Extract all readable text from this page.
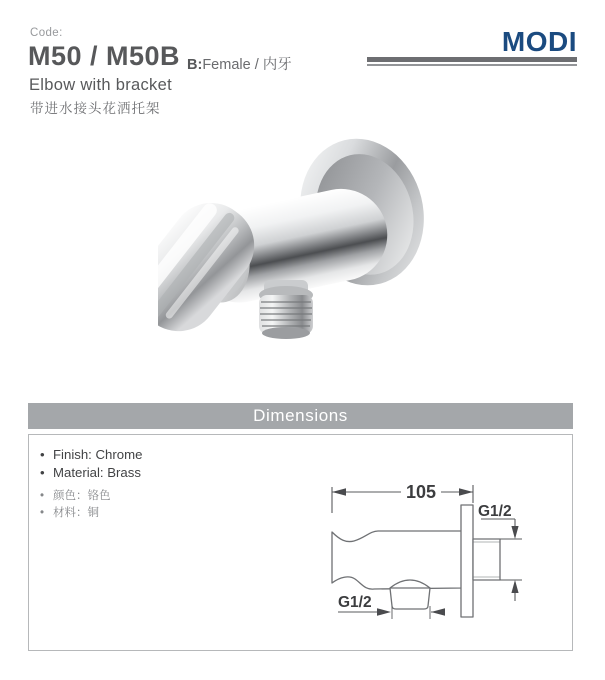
Code:
M50 / M50B B:Female / 内牙
Elbow with bracket
带进水接头花洒托架
MODI
Dimensions
• Finish: Chrome
• Material: Brass
• 颜色：铬色
• 材料：铜
105
G1/2
G1/2
